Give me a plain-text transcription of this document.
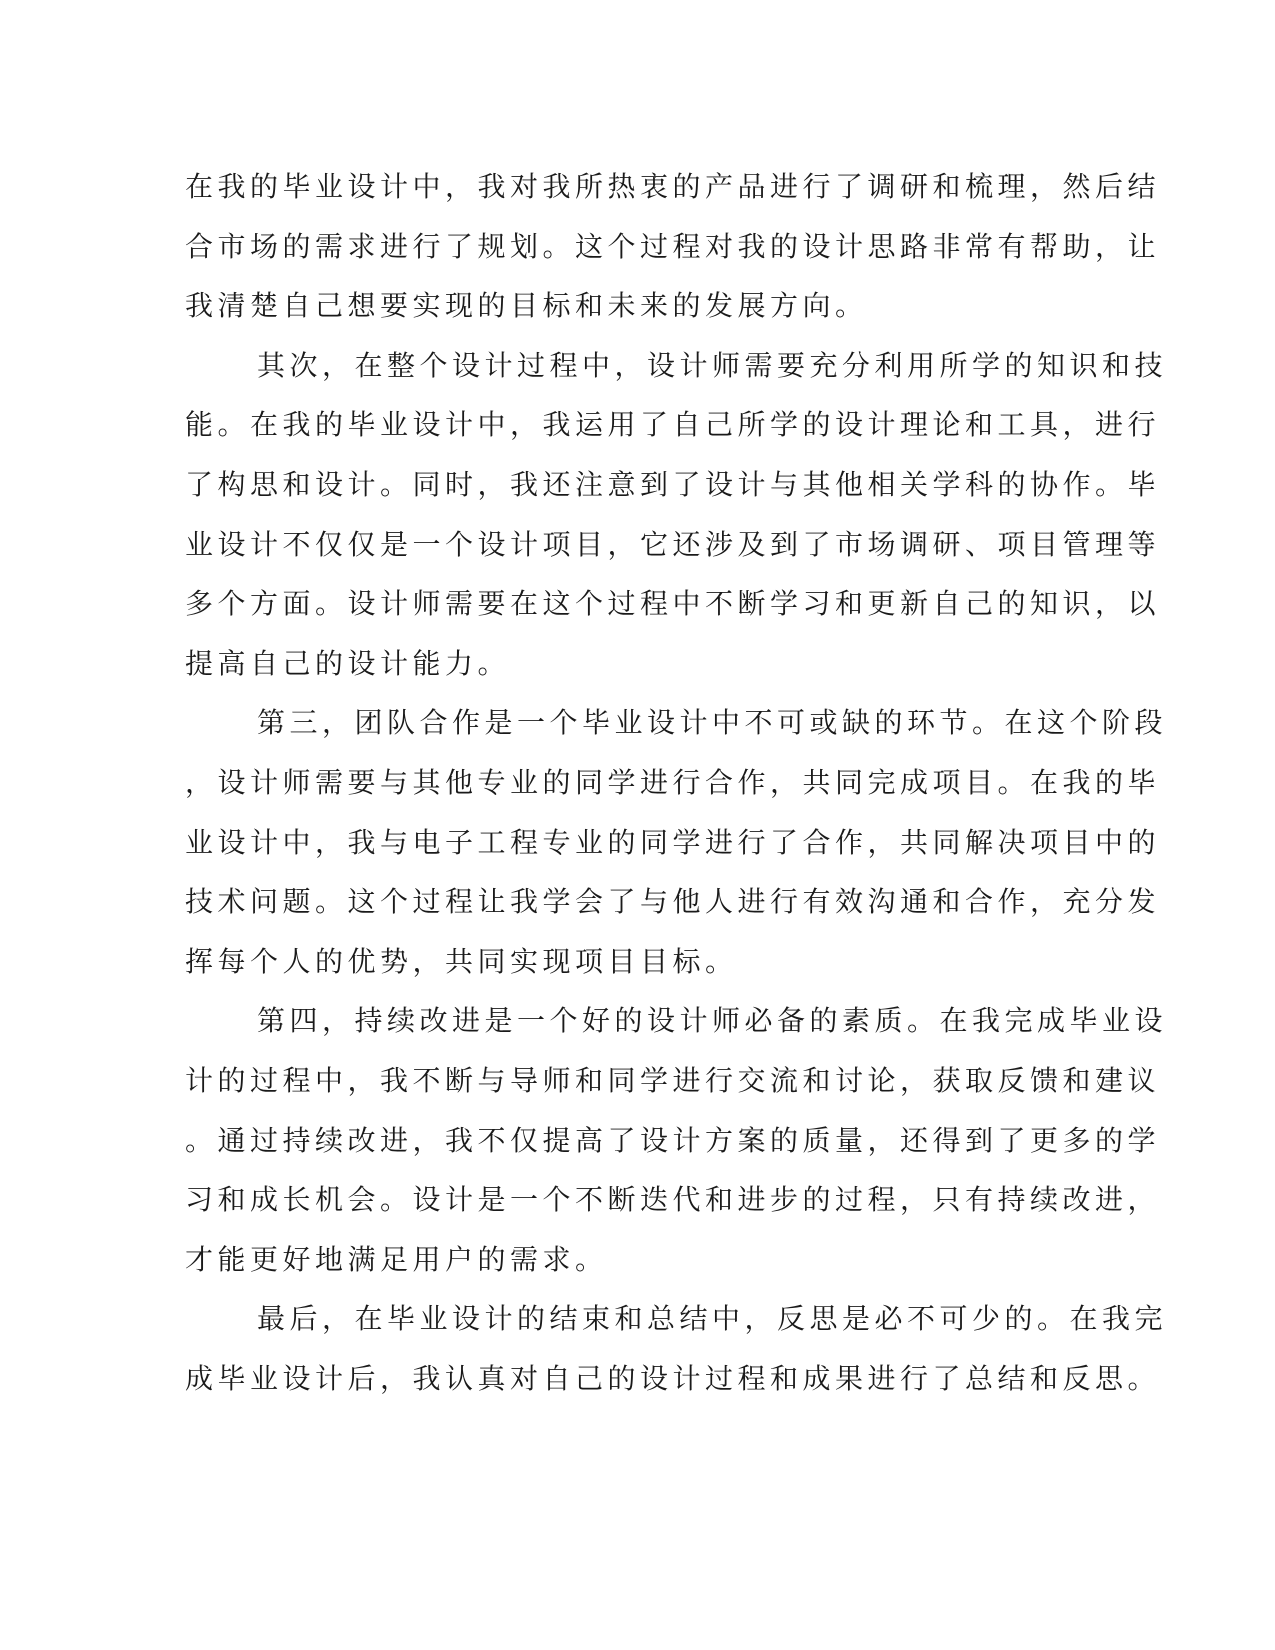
在我的毕业设计中，我对我所热衷的产品进行了调研和梳理，然后结
合市场的需求进行了规划。这个过程对我的设计思路非常有帮助，让
我清楚自己想要实现的目标和未来的发展方向。
其次，在整个设计过程中，设计师需要充分利用所学的知识和技
能。在我的毕业设计中，我运用了自己所学的设计理论和工具，进行
了构思和设计。同时，我还注意到了设计与其他相关学科的协作。毕
业设计不仅仅是一个设计项目，它还涉及到了市场调研、项目管理等
多个方面。设计师需要在这个过程中不断学习和更新自己的知识，以
提高自己的设计能力。
第三，团队合作是一个毕业设计中不可或缺的环节。在这个阶段
，设计师需要与其他专业的同学进行合作，共同完成项目。在我的毕
业设计中，我与电子工程专业的同学进行了合作，共同解决项目中的
技术问题。这个过程让我学会了与他人进行有效沟通和合作，充分发
挥每个人的优势，共同实现项目目标。
第四，持续改进是一个好的设计师必备的素质。在我完成毕业设
计的过程中，我不断与导师和同学进行交流和讨论，获取反馈和建议
。通过持续改进，我不仅提高了设计方案的质量，还得到了更多的学
习和成长机会。设计是一个不断迭代和进步的过程，只有持续改进，
才能更好地满足用户的需求。
最后，在毕业设计的结束和总结中，反思是必不可少的。在我完
成毕业设计后，我认真对自己的设计过程和成果进行了总结和反思。
